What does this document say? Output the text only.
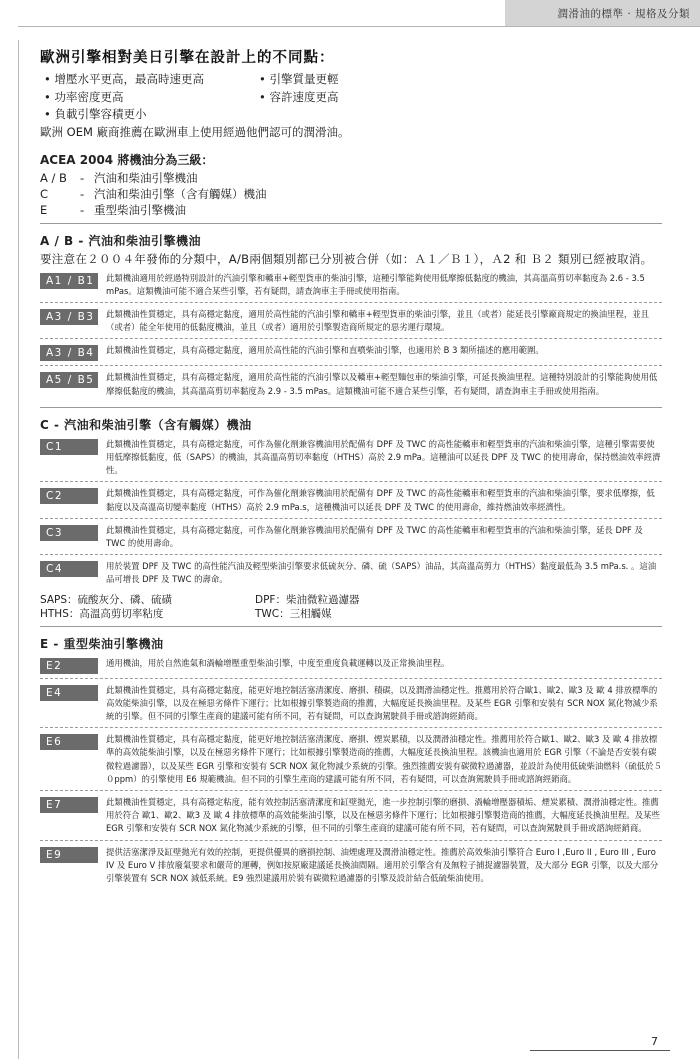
潤滑油的標準 ‧ 規格及分類
歐洲引擎相對美日引擎在設計上的不同點：
• 增壓水平更高，最高時速更高	• 引擎質量更輕
• 功率密度更高	• 容許速度更高
• 負載引擎容積更小
歐洲 OEM 廠商推薦在歐洲車上使用經過他們認可的潤滑油。
ACEA 2004 將機油分為三級：
A / B	- 汽油和柴油引擎機油
C	- 汽油和柴油引擎（含有觸媒）機油
E	- 重型柴油引擎機油
A / B - 汽油和柴油引擎機油
要注意在２００４年發佈的分類中，A/B兩個類別都已分別被合併（如：Ａ１／Ｂ１），Ａ2 和 Ｂ２ 類別已經被取消。
A1 / B1	此類機油適用於經過特別設計的汽油引擎和轎車+輕型貨車的柴油引擎，這種引擎能夠使用低摩擦低黏度的機油，其高溫高剪切率黏度為 2.6 - 3.5 mPas。這類機油可能不適合某些引擎，若有疑問，請查詢車主手冊或使用指南。
A3 / B3	此類機油性質穩定，具有高穩定黏度，適用於高性能的汽油引擎和轎車+輕型貨車的柴油引擎，並且（或者）能延長引擎廠商規定的換油里程，並且（或者）能全年使用的低黏度機油，並且（或者）適用於引擎製造商所規定的惡劣運行環境。
A3 / B4	此類機油性質穩定，具有高穩定黏度，適用於高性能的汽油引擎和直噴柴油引擎，也適用於 B 3 類所描述的應用範圍。
A5 / B5	此類機油性質穩定，具有高穩定黏度，適用於高性能的汽油引擎以及轎車+輕型麵包車的柴油引擎，可延長換油里程。這種特別設計的引擎能夠使用低摩擦低黏度的機油，其高溫高剪切率黏度為 2.9 - 3.5 mPas。這類機油可能不適合某些引擎，若有疑問，請查詢車主手冊或使用指南。
C - 汽油和柴油引擎（含有觸媒）機油
C1	此類機油性質穩定，具有高穩定黏度，可作為催化劑兼容機油用於配備有 DPF 及 TWC 的高性能轎車和輕型貨車的汽油和柴油引擎，這種引擎需要使用低摩擦低黏度，低（SAPS）的機油，其高溫高剪切率黏度（HTHS）高於 2.9 mPa。這種油可以延長 DPF 及 TWC 的使用壽命，保持燃油效率經濟性。
C2	此類機油性質穩定，具有高穩定黏度，可作為催化劑兼容機油用於配備有 DPF 及 TWC 的高性能轎車和輕型貨車的汽油和柴油引擎，要求低摩擦，低黏度以及高溫高切變率黏度（HTHS）高於 2.9 mPa.s，這種機油可以延長 DPF 及 TWC 的使用壽命，維持燃油效率經濟性。
C3	此類機油性質穩定，具有高穩定黏度，可作為催化劑兼容機油用於配備有 DPF 及 TWC 的高性能轎車和輕型貨車的汽油和柴油引擎，延長 DPF 及 TWC 的使用壽命。
C4	用於裝置 DPF 及 TWC 的高性能汽油及輕型柴油引擎要求低硫灰分、磷、硫（SAPS）油品，其高溫高剪力（HTHS）黏度最低為 3.5 mPa.s. 。這油品可增長 DPF 及 TWC 的壽命。
SAPS：硫酸灰分、磷、硫磺	DPF：柴油微粒過濾器
HTHS：高溫高剪切率粘度	TWC：三相觸媒
E - 重型柴油引擎機油
E2	通用機油，用於自然進氣和渦輪增壓重型柴油引擎，中度至重度負載運轉以及正常換油里程。
E4	此類機油性質穩定，具有高穩定黏度，能更好地控制活塞清潔度、磨損、積碳，以及潤滑油穩定性。推薦用於符合歐1、歐2、歐3 及 歐 4 排放標準的高效能柴油引擎，以及在極惡劣條件下運行；比如根據引擎製造商的推薦，大幅度延長換油里程。及某些 EGR 引擎和安裝有 SCR NOX 氮化物減少系統的引擎。但不同的引擎生產商的建議可能有所不同，若有疑問，可以查詢駕駛員手冊或諮詢經銷商。
E6	此類機油性質穩定，具有高穩定黏度，能更好地控制活塞清潔度、磨損、煙炭累積，以及潤滑油穩定性。推薦用於符合歐1、歐2、歐3 及 歐 4 排放標準的高效能柴油引擎，以及在極惡劣條件下運行；比如根據引擎製造商的推薦，大幅度延長換油里程。該機油也適用於 EGR 引擎（不論是否安裝有碳微粒過濾器），以及某些 EGR 引擎和安裝有 SCR NOX 氮化物減少系統的引擎。強烈推薦安裝有碳微粒過濾器，並設計為使用低硫柴油燃料（硫低於５０ppm）的引擎使用 E6 規範機油。但不同的引擎生產商的建議可能有所不同，若有疑問，可以查詢駕駛員手冊或諮詢經銷商。
E7	此類機油性質穩定，具有高穩定粘度，能有效控制活塞清潔度和缸壁拋光，進一步控制引擎的磨損、渦輪增壓器積垢、煙炭累積、潤滑油穩定性。推薦用於符合 歐1、歐2、歐3 及 歐 4 排放標準的高效能柴油引擎，以及在極惡劣條件下運行；比如根據引擎製造商的推薦，大幅度延長換油里程。及某些EGR 引擎和安裝有 SCR NOX 氮化物減少系統的引擎，但不同的引擎生產商的建議可能有所不同，若有疑問，可以查詢駕駛員手冊或諮詢經銷商。
E9	提供活塞潔淨及缸壁拋光有效的控制，更提供優異的磨損控制、油煙處理及潤滑油穩定性。推薦於高效柴油引擎符合 Euro I ,Euro II , Euro III , Euro IV 及 Euro V 排放廢氣要求和嚴苛的運轉，例如按原廠建議延長換油間隔。適用於引擎含有及無粒子捕捉濾器裝置，及大部分 EGR 引擎，以及大部分引擎裝置有 SCR NOX 減低系統。E9 強烈建議用於裝有碳微粒過濾器的引擎及設計結合低硫柴油使用。
7
